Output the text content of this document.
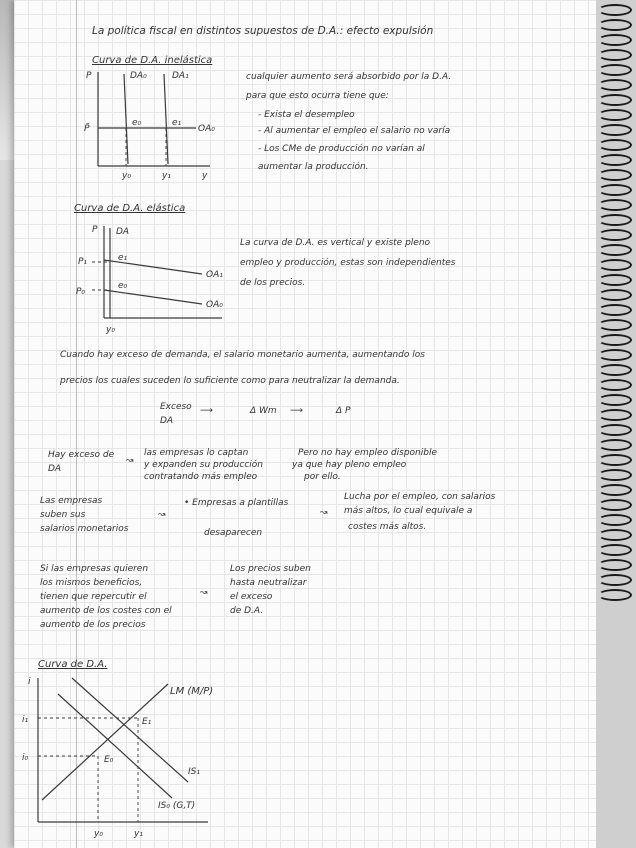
La política fiscal en distintos supuestos de D.A.: efecto expulsión
Curva de D.A. inelástica
P
P̄
DA₀	DA₁
OA₀
e₀	e₁
y₀	y₁	y
cualquier aumento será absorbido por la D.A.
para que esto ocurra tiene que:
- Exista el desempleo
- Al aumentar el empleo el salario no varía
- Los CMe de producción no varían al
aumentar la producción.
Curva de D.A. elástica
P DA
P₁
P₀
e₁
e₀
OA₁
OA₀
y₀
La curva de D.A. es vertical y existe pleno
empleo y producción, estas son independientes
de los precios.
Cuando hay exceso de demanda, el salario monetario aumenta, aumentando los
precios los cuales suceden lo suficiente como para neutralizar la demanda.
Exceso
DA
⟶	Δ Wm ⟶	Δ P
Hay exceso de
DA
↝
las empresas lo captan
y expanden su producción
contratando más empleo
Pero no hay empleo disponible
ya que hay pleno empleo
por ello.
Las empresas
suben sus
salarios monetarios
↝
• Empresas a plantillas
desaparecen
↝
Lucha por el empleo, con salarios
más altos, lo cual equivale a
costes más altos.
Si las empresas quieren
los mismos beneficios,
tienen que repercutir el
aumento de los costes con el
aumento de los precios
↝
Los precios suben
hasta neutralizar
el exceso
de D.A.
Curva de D.A.
i
i₁
i₀
E₁
E₀
LM (M/P)
IS₁
IS₀ (G,T)
y₀	y₁
